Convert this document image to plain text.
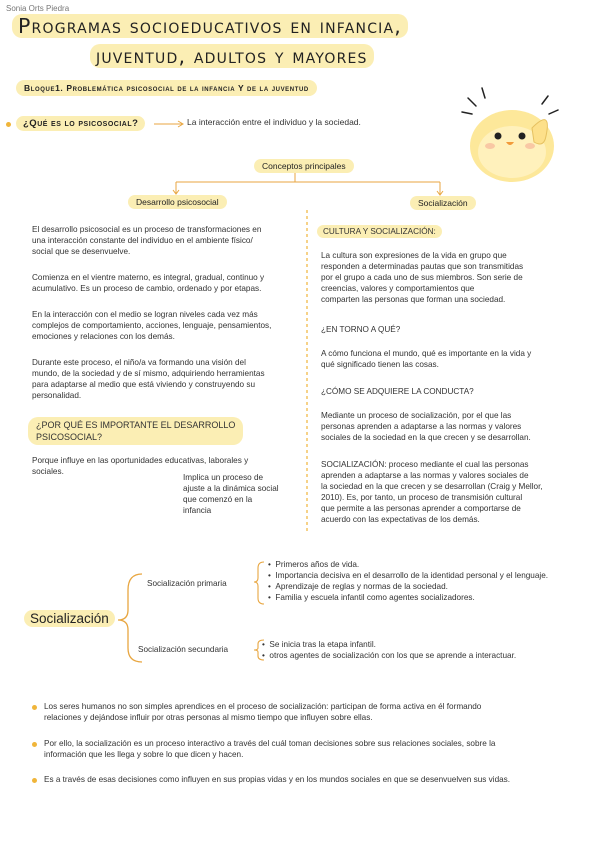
Sonia Orts Piedra
Programas socioeducativos en infancia,
juventud, adultos y mayores
Bloque1. Problemática psicosocial de la infancia Y de la juventud
¿Qué es lo psicosocial?	La interacción entre el individuo y la sociedad.
Conceptos principales
Desarrollo psicosocial	Socialización
El desarrollo psicosocial es un proceso de transformaciones en
una interacción constante del individuo en el ambiente físico/
social que se desenvuelve.
Comienza en el vientre materno, es integral, gradual, continuo y
acumulativo. Es un proceso de cambio, ordenado y por etapas.
En la interacción con el medio se logran niveles cada vez más
complejos de comportamiento, acciones, lenguaje, pensamientos,
emociones y relaciones con los demás.
Durante este proceso, el niño/a va formando una visión del
mundo, de la sociedad y de sí mismo, adquiriendo herramientas
para adaptarse al medio que está viviendo y construyendo su
personalidad.
¿POR QUÉ ES IMPORTANTE EL DESARROLLO
PSICOSOCIAL?
Porque influye en las oportunidades educativas, laborales y
sociales.
Implica un proceso de
ajuste a la dinámica social
que comenzó en la
infancia
CULTURA Y SOCIALIZACIÓN:
La cultura son expresiones de la vida en grupo que
responden a determinadas pautas que son transmitidas
por el grupo a cada uno de sus miembros. Son serie de
creencias, valores y comportamientos que
comparten las personas que forman una sociedad.
¿EN TORNO A QUÉ?
A cómo funciona el mundo, qué es importante en la vida y
qué significado tienen las cosas.
¿CÓMO SE ADQUIERE LA CONDUCTA?
Mediante un proceso de socialización, por el que las
personas aprenden a adaptarse a las normas y valores
sociales de la sociedad en la que crecen y se desarrollan.
SOCIALIZACIÓN: proceso mediante el cual las personas
aprenden a adaptarse a las normas y valores sociales de
la sociedad en la que crecen y se desarrollan (Craig y Mellor,
2010). Es, por tanto, un proceso de transmisión cultural
que permite a las personas aprender a comportarse de
acuerdo con las expectativas de los demás.
Socialización
Socialización primaria
•  Primeros años de vida.
•  Importancia decisiva en el desarrollo de la identidad personal y el lenguaje.
•  Aprendizaje de reglas y normas de la sociedad.
•  Familia y escuela infantil como agentes socializadores.
Socialización secundaria
•  Se inicia tras la etapa infantil.
•  otros agentes de socialización con los que se aprende a interactuar.
Los seres humanos no son simples aprendices en el proceso de socialización: participan de forma activa en él formando
relaciones y dejándose influir por otras personas al mismo tiempo que influyen sobre ellas.
Por ello, la socialización es un proceso interactivo a través del cuál toman decisiones sobre sus relaciones sociales, sobre la
información que les llega y sobre lo que dicen y hacen.
Es a través de esas decisiones como influyen en sus propias vidas y en los mundos sociales en que se desenvuelven sus vidas.
